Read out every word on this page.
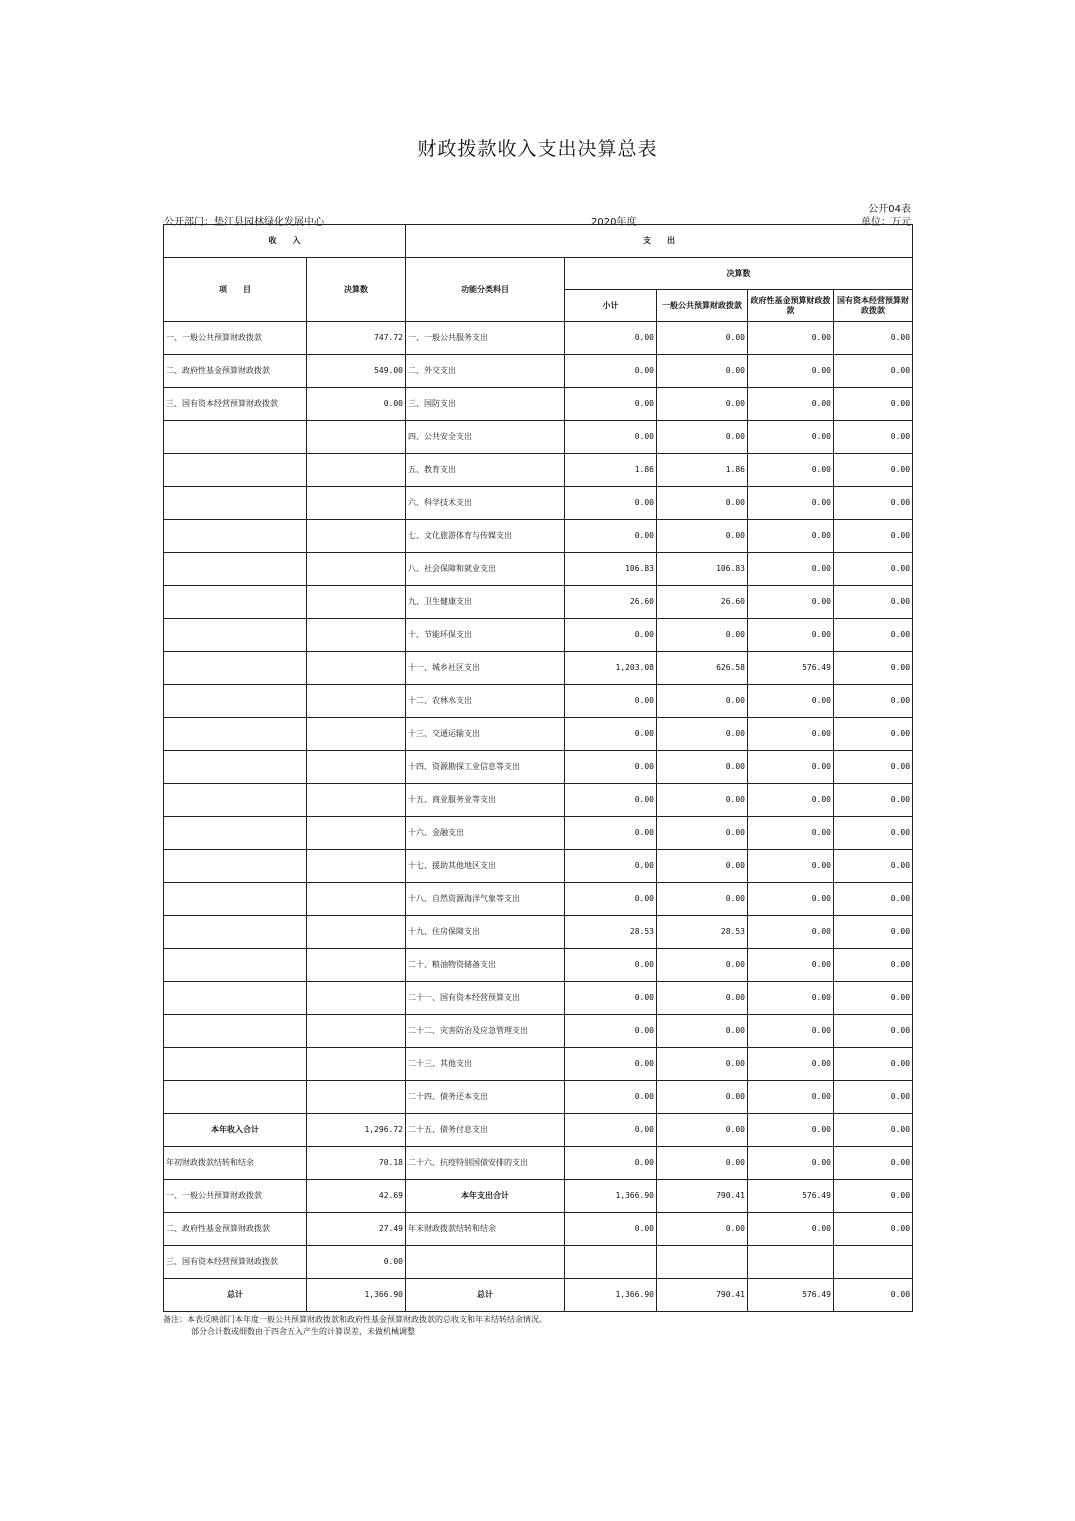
财政拨款收入支出决算总表
公开04表
公开部门：垫江县园林绿化发展中心	2020年度	单位：万元
收　　入		支　　出				
项　　目	决算数	功能分类科目	决算数			
			小计	一般公共预算财政拨款	政府性基金预算财政拨款	国有资本经营预算财政拨款
一、一般公共预算财政拨款	747.72	一、一般公共服务支出	0.00	0.00	0.00	0.00
二、政府性基金预算财政拨款	549.00	二、外交支出	0.00	0.00	0.00	0.00
三、国有资本经营预算财政拨款	0.00	三、国防支出	0.00	0.00	0.00	0.00
		四、公共安全支出	0.00	0.00	0.00	0.00
		五、教育支出	1.86	1.86	0.00	0.00
		六、科学技术支出	0.00	0.00	0.00	0.00
		七、文化旅游体育与传媒支出	0.00	0.00	0.00	0.00
		八、社会保障和就业支出	106.83	106.83	0.00	0.00
		九、卫生健康支出	26.60	26.60	0.00	0.00
		十、节能环保支出	0.00	0.00	0.00	0.00
		十一、城乡社区支出	1,203.08	626.58	576.49	0.00
		十二、农林水支出	0.00	0.00	0.00	0.00
		十三、交通运输支出	0.00	0.00	0.00	0.00
		十四、资源勘探工业信息等支出	0.00	0.00	0.00	0.00
		十五、商业服务业等支出	0.00	0.00	0.00	0.00
		十六、金融支出	0.00	0.00	0.00	0.00
		十七、援助其他地区支出	0.00	0.00	0.00	0.00
		十八、自然资源海洋气象等支出	0.00	0.00	0.00	0.00
		十九、住房保障支出	28.53	28.53	0.00	0.00
		二十、粮油物资储备支出	0.00	0.00	0.00	0.00
		二十一、国有资本经营预算支出	0.00	0.00	0.00	0.00
		二十二、灾害防治及应急管理支出	0.00	0.00	0.00	0.00
		二十三、其他支出	0.00	0.00	0.00	0.00
		二十四、债务还本支出	0.00	0.00	0.00	0.00
本年收入合计	1,296.72	二十五、债务付息支出	0.00	0.00	0.00	0.00
年初财政拨款结转和结余	70.18	二十六、抗疫特别国债安排的支出	0.00	0.00	0.00	0.00
一、一般公共预算财政拨款	42.69	本年支出合计	1,366.90	790.41	576.49	0.00
二、政府性基金预算财政拨款	27.49	年末财政拨款结转和结余	0.00	0.00	0.00	0.00
三、国有资本经营预算财政拨款	0.00					
总计	1,366.90	总计	1,366.90	790.41	576.49	0.00
备注：本表反映部门本年度一般公共预算财政拨款和政府性基金预算财政拨款的总收支和年末结转结余情况。
部分合计数或细数由于四舍五入产生的计算误差，未做机械调整
